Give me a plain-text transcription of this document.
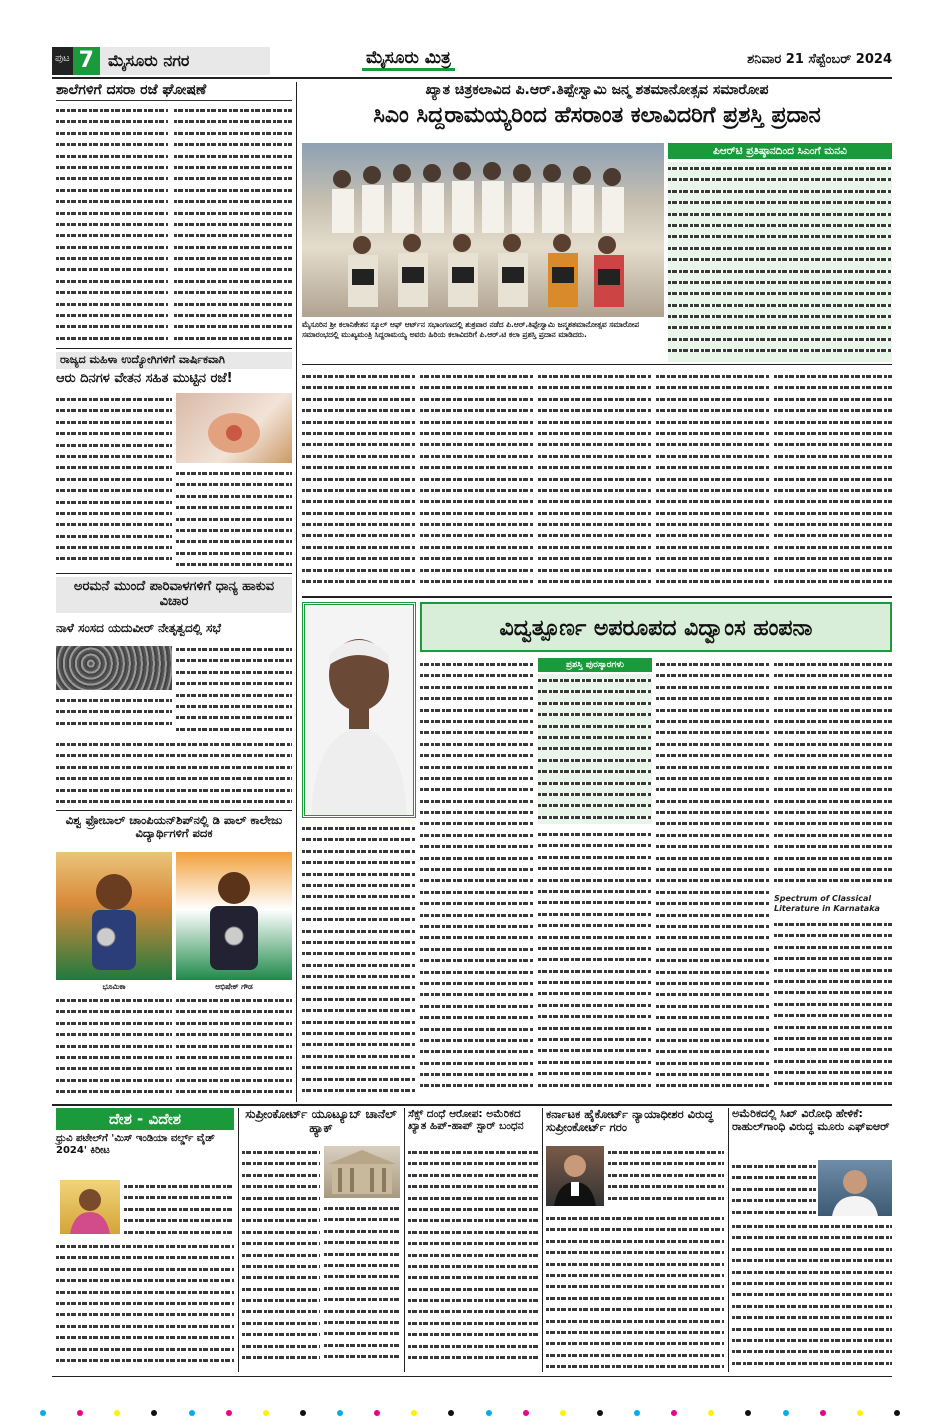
ಪುಟ 7 ಮೈಸೂರು ನಗರ	ಮೈಸೂರು ಮಿತ್ರ	ಶನಿವಾರ 21 ಸೆಪ್ಟೆಂಬರ್ 2024
ಶಾಲೆಗಳಿಗೆ ದಸರಾ ರಜೆ ಘೋಷಣೆ
ರಾಜ್ಯದ ಮಹಿಳಾ ಉದ್ಯೋಗಿಗಳಿಗೆ ವಾರ್ಷಿಕವಾಗಿ
ಆರು ದಿನಗಳ ವೇತನ ಸಹಿತ ಮುಟ್ಟಿನ ರಜೆ!
ಅರಮನೆ ಮುಂದೆ ಪಾರಿವಾಳಗಳಿಗೆ ಧಾನ್ಯ ಹಾಕುವ ವಿಚಾರ
ನಾಳೆ ಸಂಸದ ಯದುವೀರ್ ನೇತೃತ್ವದಲ್ಲಿ ಸಭೆ
ವಿಶ್ವ ಫ್ರೋಬಾಲ್ ಚಾಂಪಿಯನ್‌ಶಿಪ್‌ನಲ್ಲಿ ಡಿ ಪಾಲ್ ಕಾಲೇಜು ವಿದ್ಯಾರ್ಥಿಗಳಿಗೆ ಪದಕ
ಭೂಮಿಕಾ	ಅಭಿಷೇಕ್ ಗೌಡ
ಖ್ಯಾತ ಚಿತ್ರಕಲಾವಿದ ಪಿ.ಆರ್.ತಿಪ್ಪೇಸ್ವಾಮಿ ಜನ್ಮ ಶತಮಾನೋತ್ಸವ ಸಮಾರೋಪ
ಸಿಎಂ ಸಿದ್ದರಾಮಯ್ಯರಿಂದ ಹೆಸರಾಂತ ಕಲಾವಿದರಿಗೆ ಪ್ರಶಸ್ತಿ ಪ್ರದಾನ
ಪಿಆರ್‌ಟಿ ಪ್ರತಿಷ್ಠಾನದಿಂದ ಸಿಎಂಗೆ ಮನವಿ
ಮೈಸೂರಿನ ಶ್ರೀ ಕಲಾನಿಕೇತನ ಸ್ಕೂಲ್ ಆಫ್ ಆರ್ಟ್‌ನ ಸಭಾಂಗಣದಲ್ಲಿ ಶುಕ್ರವಾರ ನಡೆದ ಪಿ.ಆರ್.ತಿಪ್ಪೇಸ್ವಾಮಿ ಜನ್ಮಶತಮಾನೋತ್ಸವ ಸಮಾರೋಪ ಸಮಾರಂಭದಲ್ಲಿ ಮುಖ್ಯಮಂತ್ರಿ ಸಿದ್ದರಾಮಯ್ಯ ಅವರು ಹಿರಿಯ ಕಲಾವಿದರಿಗೆ ಪಿ.ಆರ್.ಟಿ ಕಲಾ ಪ್ರಶಸ್ತಿ ಪ್ರದಾನ ಮಾಡಿದರು.
ವಿದ್ವತ್ಪೂರ್ಣ ಅಪರೂಪದ ವಿದ್ವಾಂಸ ಹಂಪನಾ
ಪ್ರಶಸ್ತಿ ಪುರಸ್ಕಾರಗಳು
Spectrum of Classical Literature in Karnataka
ದೇಶ - ವಿದೇಶ
ಧ್ರುವಿ ಪಟೇಲ್‌ಗೆ 'ಮಿಸ್ ಇಂಡಿಯಾ ವರ್ಲ್ಡ್ ವೈಡ್ 2024' ಕಿರೀಟ
ಸುಪ್ರೀಂಕೋರ್ಟ್ ಯೂಟ್ಯೂಬ್ ಚಾನೆಲ್ ಹ್ಯಾಕ್
ಸೆಕ್ಸ್ ದಂಧೆ ಆರೋಪ: ಅಮೆರಿಕದ ಖ್ಯಾತ ಹಿಪ್-ಹಾಪ್ ಸ್ಟಾರ್ ಬಂಧನ
ಕರ್ನಾಟಕ ಹೈಕೋರ್ಟ್ ನ್ಯಾಯಾಧೀಶರ ವಿರುದ್ಧ ಸುಪ್ರೀಂಕೋರ್ಟ್ ಗರಂ
ಅಮೆರಿಕದಲ್ಲಿ ಸಿಖ್ ವಿರೋಧಿ ಹೇಳಿಕೆ: ರಾಹುಲ್‌ಗಾಂಧಿ ವಿರುದ್ಧ ಮೂರು ಎಫ್‌ಐಆರ್
